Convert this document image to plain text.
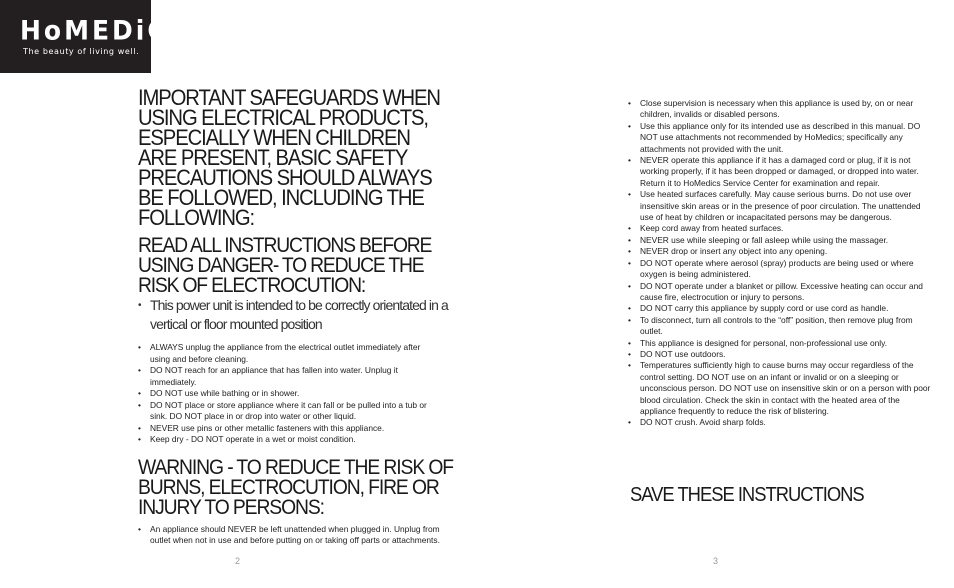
HoMEDiCS
The beauty of living well.
IMPORTANT SAFEGUARDS WHEN USING ELECTRICAL PRODUCTS, ESPECIALLY WHEN CHILDREN ARE PRESENT, BASIC SAFETY PRECAUTIONS SHOULD ALWAYS BE FOLLOWED, INCLUDING THE FOLLOWING:
READ ALL INSTRUCTIONS BEFORE USING DANGER- TO REDUCE THE RISK OF ELECTROCUTION:
• This power unit is intended to be correctly orientated in a vertical or floor mounted position
• ALWAYS unplug the appliance from the electrical outlet immediately after using and before cleaning.
• DO NOT reach for an appliance that has fallen into water. Unplug it immediately.
• DO NOT use while bathing or in shower.
• DO NOT place or store appliance where it can fall or be pulled into a tub or sink. DO NOT place in or drop into water or other liquid.
• NEVER use pins or other metallic fasteners with this appliance.
• Keep dry - DO NOT operate in a wet or moist condition.
WARNING - TO REDUCE THE RISK OF BURNS, ELECTROCUTION, FIRE OR INJURY TO PERSONS:
• An appliance should NEVER be left unattended when plugged in. Unplug from outlet when not in use and before putting on or taking off parts or attachments.
• Close supervision is necessary when this appliance is used by, on or near children, invalids or disabled persons.
• Use this appliance only for its intended use as described in this manual. DO NOT use attachments not recommended by HoMedics; specifically any attachments not provided with the unit.
• NEVER operate this appliance if it has a damaged cord or plug, if it is not working properly, if it has been dropped or damaged, or dropped into water. Return it to HoMedics Service Center for examination and repair.
• Use heated surfaces carefully. May cause serious burns. Do not use over insensitive skin areas or in the presence of poor circulation. The unattended use of heat by children or incapacitated persons may be dangerous.
• Keep cord away from heated surfaces.
• NEVER use while sleeping or fall asleep while using the massager.
• NEVER drop or insert any object into any opening.
• DO NOT operate where aerosol (spray) products are being used or where oxygen is being administered.
• DO NOT operate under a blanket or pillow. Excessive heating can occur and cause fire, electrocution or injury to persons.
• DO NOT carry this appliance by supply cord or use cord as handle.
• To disconnect, turn all controls to the “off” position, then remove plug from outlet.
• This appliance is designed for personal, non-professional use only.
• DO NOT use outdoors.
• Temperatures sufficiently high to cause burns may occur regardless of the control setting. DO NOT use on an infant or invalid or on a sleeping or unconscious person. DO NOT use on insensitive skin or on a person with poor blood circulation. Check the skin in contact with the heated area of the appliance frequently to reduce the risk of blistering.
• DO NOT crush. Avoid sharp folds.
SAVE THESE INSTRUCTIONS
2	3
